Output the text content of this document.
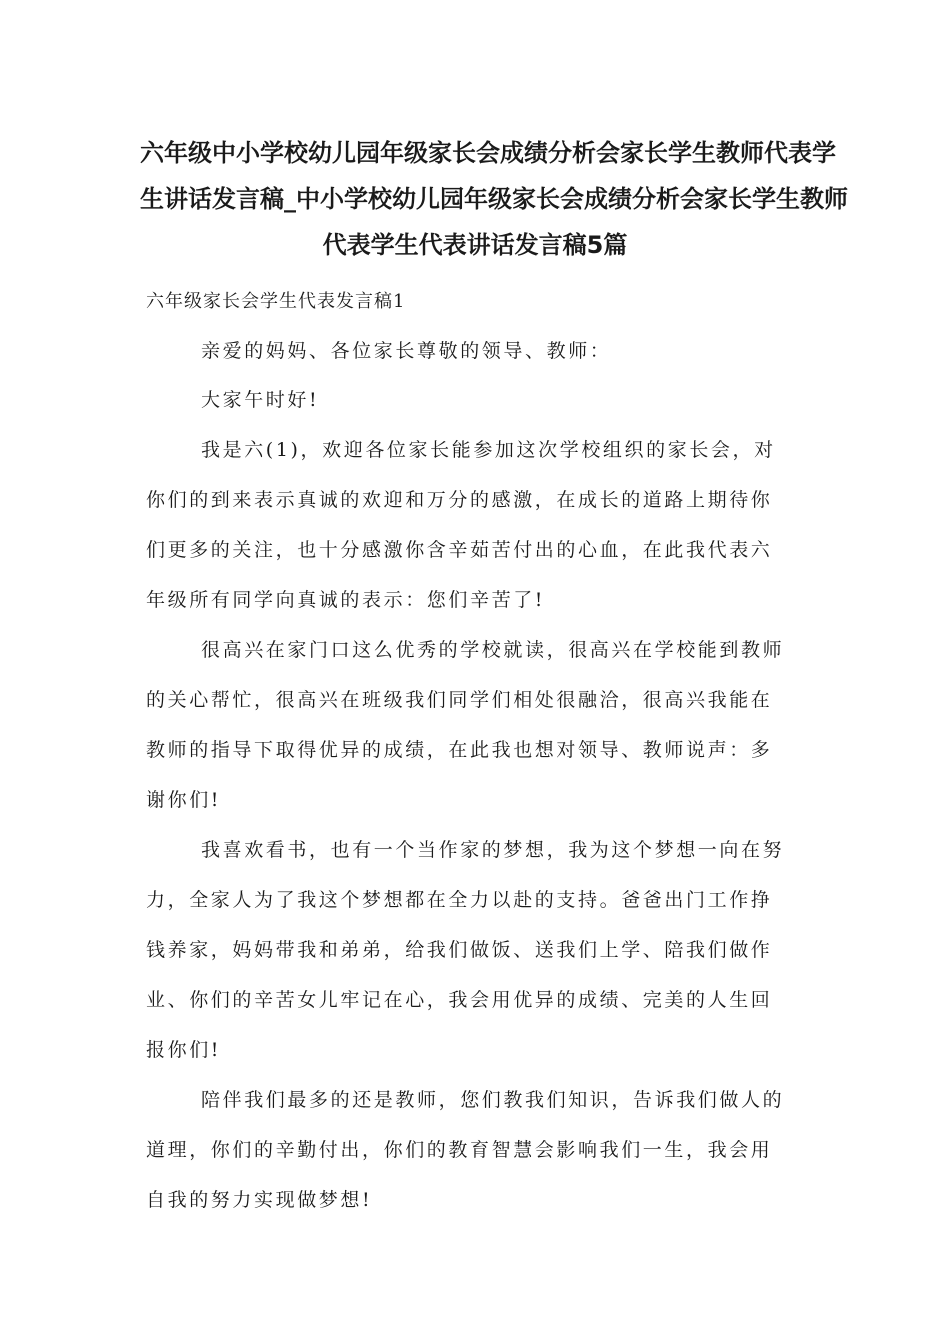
六年级中小学校幼儿园年级家长会成绩分析会家长学生教师代表学
生讲话发言稿_中小学校幼儿园年级家长会成绩分析会家长学生教师
代表学生代表讲话发言稿5篇

六年级家长会学生代表发言稿1

亲爱的妈妈、各位家长尊敬的领导、教师：

大家午时好!

我是六(1)，欢迎各位家长能参加这次学校组织的家长会，对

你们的到来表示真诚的欢迎和万分的感激，在成长的道路上期待你

们更多的关注，也十分感激你含辛茹苦付出的心血，在此我代表六

年级所有同学向真诚的表示：您们辛苦了!

很高兴在家门口这么优秀的学校就读，很高兴在学校能到教师

的关心帮忙，很高兴在班级我们同学们相处很融洽，很高兴我能在

教师的指导下取得优异的成绩，在此我也想对领导、教师说声：多

谢你们!

我喜欢看书，也有一个当作家的梦想，我为这个梦想一向在努

力，全家人为了我这个梦想都在全力以赴的支持。爸爸出门工作挣

钱养家，妈妈带我和弟弟，给我们做饭、送我们上学、陪我们做作

业、你们的辛苦女儿牢记在心，我会用优异的成绩、完美的人生回

报你们!

陪伴我们最多的还是教师，您们教我们知识，告诉我们做人的

道理，你们的辛勤付出，你们的教育智慧会影响我们一生，我会用

自我的努力实现做梦想!
